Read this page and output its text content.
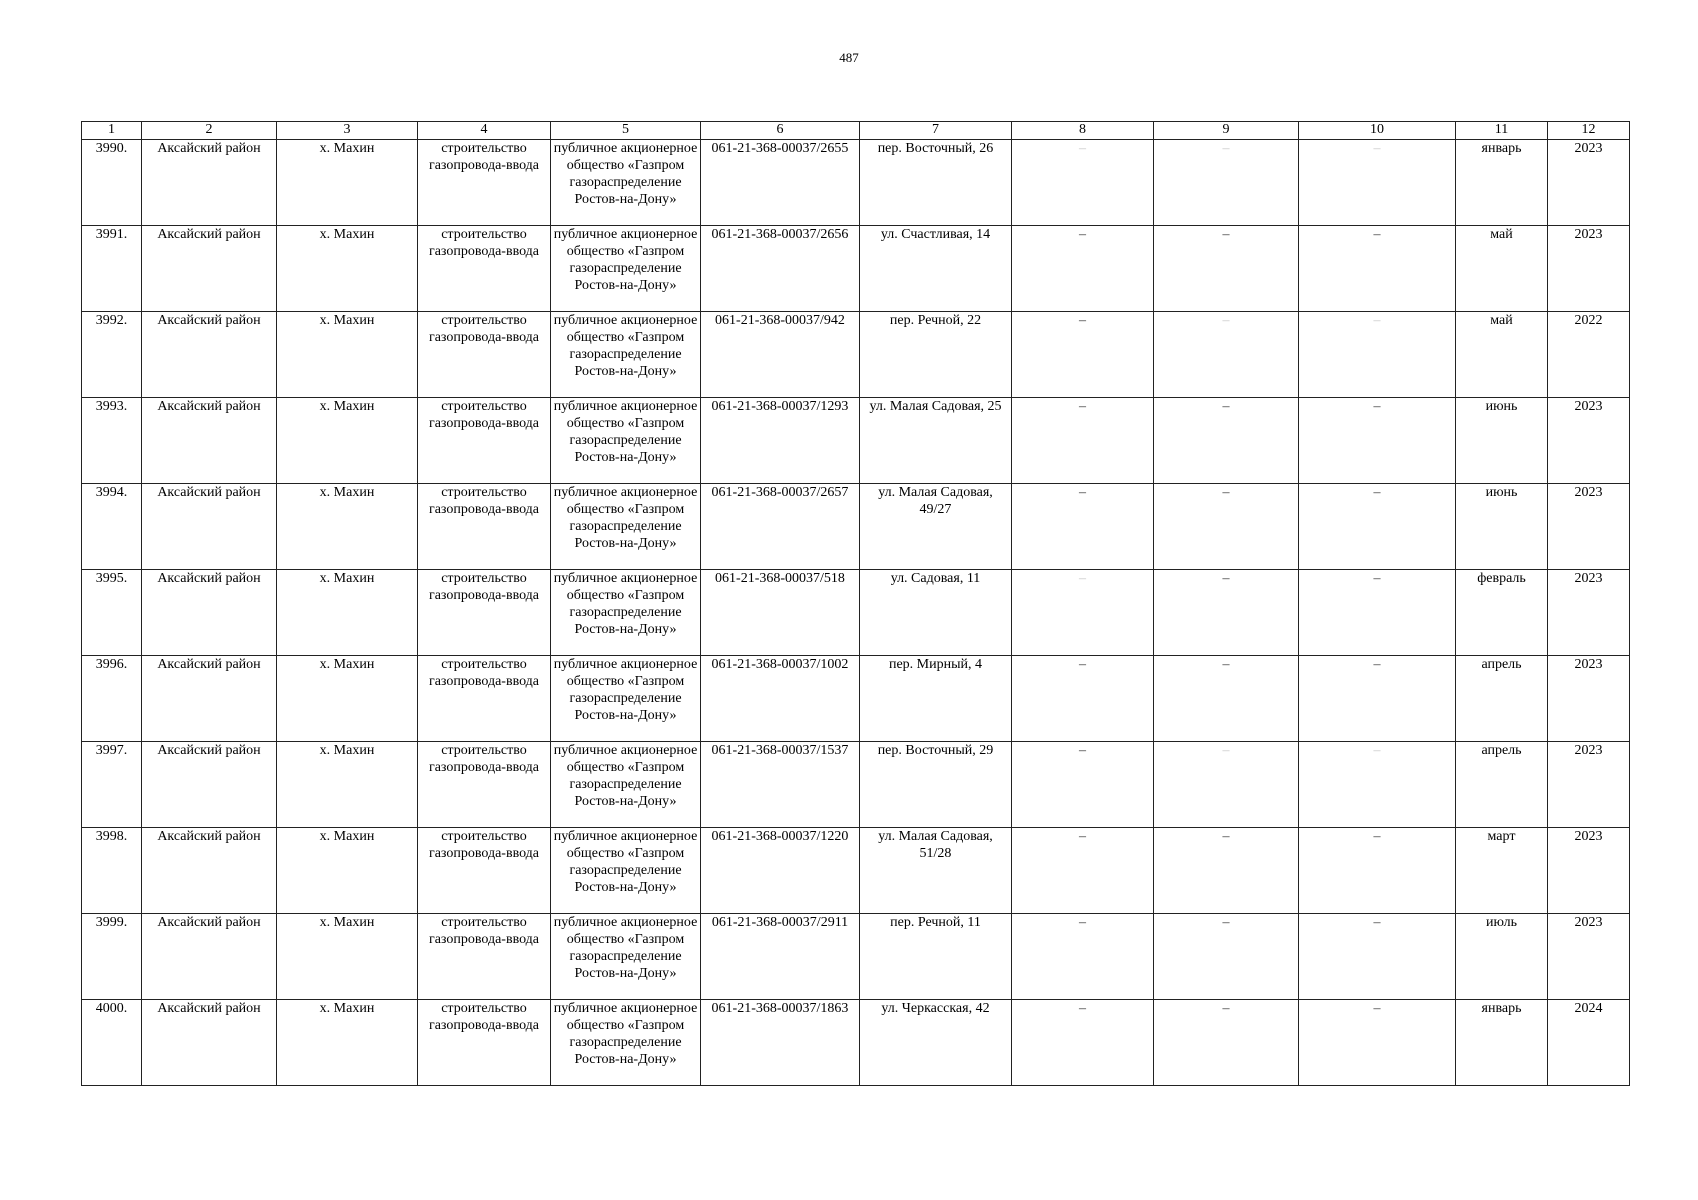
487
1	2	3	4	5	6	7	8	9	10	11	12
3990.	Аксайский район	х. Махин	строительство газопровода-ввода	публичное акционерное общество «Газпром газораспределение Ростов-на-Дону»	061-21-368-00037/2655	пер. Восточный, 26	–	–	–	январь	2023
3991.	Аксайский район	х. Махин	строительство газопровода-ввода	публичное акционерное общество «Газпром газораспределение Ростов-на-Дону»	061-21-368-00037/2656	ул. Счастливая, 14	–	–	–	май	2023
3992.	Аксайский район	х. Махин	строительство газопровода-ввода	публичное акционерное общество «Газпром газораспределение Ростов-на-Дону»	061-21-368-00037/942	пер. Речной, 22	–	–	–	май	2022
3993.	Аксайский район	х. Махин	строительство газопровода-ввода	публичное акционерное общество «Газпром газораспределение Ростов-на-Дону»	061-21-368-00037/1293	ул. Малая Садовая, 25	–	–	–	июнь	2023
3994.	Аксайский район	х. Махин	строительство газопровода-ввода	публичное акционерное общество «Газпром газораспределение Ростов-на-Дону»	061-21-368-00037/2657	ул. Малая Садовая, 49/27	–	–	–	июнь	2023
3995.	Аксайский район	х. Махин	строительство газопровода-ввода	публичное акционерное общество «Газпром газораспределение Ростов-на-Дону»	061-21-368-00037/518	ул. Садовая, 11	–	–	–	февраль	2023
3996.	Аксайский район	х. Махин	строительство газопровода-ввода	публичное акционерное общество «Газпром газораспределение Ростов-на-Дону»	061-21-368-00037/1002	пер. Мирный, 4	–	–	–	апрель	2023
3997.	Аксайский район	х. Махин	строительство газопровода-ввода	публичное акционерное общество «Газпром газораспределение Ростов-на-Дону»	061-21-368-00037/1537	пер. Восточный, 29	–	–	–	апрель	2023
3998.	Аксайский район	х. Махин	строительство газопровода-ввода	публичное акционерное общество «Газпром газораспределение Ростов-на-Дону»	061-21-368-00037/1220	ул. Малая Садовая, 51/28	–	–	–	март	2023
3999.	Аксайский район	х. Махин	строительство газопровода-ввода	публичное акционерное общество «Газпром газораспределение Ростов-на-Дону»	061-21-368-00037/2911	пер. Речной, 11	–	–	–	июль	2023
4000.	Аксайский район	х. Махин	строительство газопровода-ввода	публичное акционерное общество «Газпром газораспределение Ростов-на-Дону»	061-21-368-00037/1863	ул. Черкасская, 42	–	–	–	январь	2024
